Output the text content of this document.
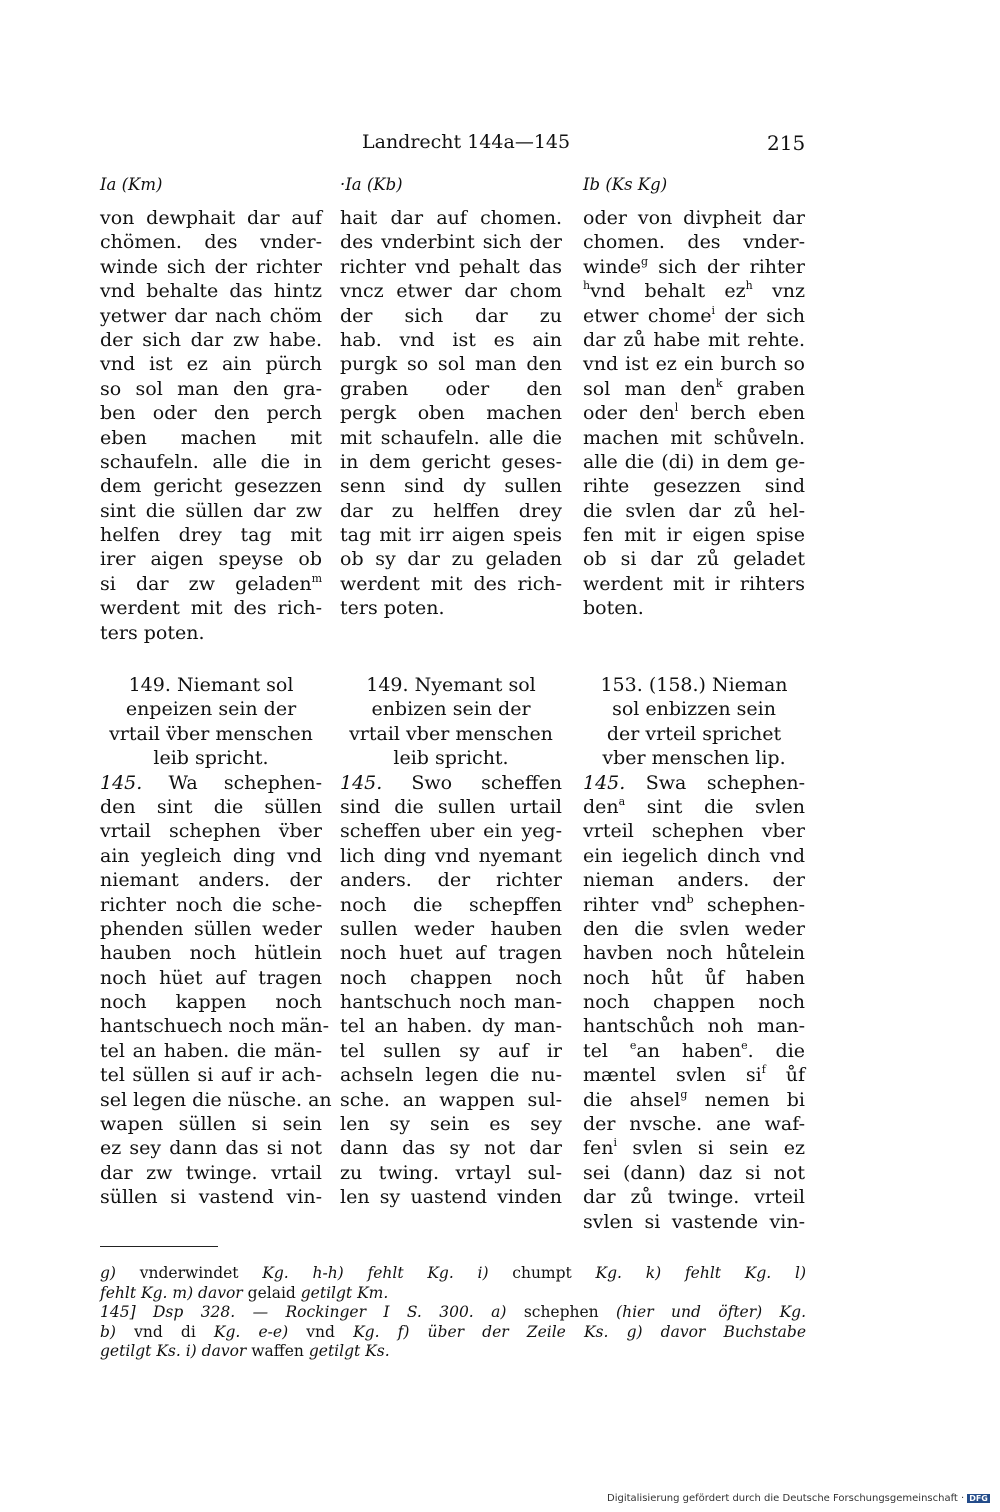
Landrecht 144a—145	215
Ia (Km)	·Ia (Kb)	Ib (Ks Kg)
von dewphait dar auf
chömen. des vnder-
winde sich der richter
vnd behalte das hintz
yetwer dar nach chöm
der sich dar zw habe.
vnd ist ez ain pürch
so sol man den gra-
ben oder den perch
eben machen mit
schaufeln. alle die in
dem gericht gesezzen
sint die süllen dar zw
helfen drey tag mit
irer aigen speyse ob
si dar zw geladen$^m$
werdent mit des rich-
ters poten.
hait dar auf chomen.
des vnderbint sich der
richter vnd pehalt das
vncz etwer dar chom
der sich dar zu
hab. vnd ist es ain
purgk so sol man den
graben oder den
pergk oben machen
mit schaufeln. alle die
in dem gericht geses-
senn sind dy sullen
dar zu helffen drey
tag mit irr aigen speis
ob sy dar zu geladen
werdent mit des rich-
ters poten.
oder von divpheit dar
chomen. des vnder-
winde$^g$ sich der rihter
$^h$vnd behalt $ez^h$ vnz
etwer chome$^i$ der sich
dar zů habe mit rehte.
vnd ist ez ein burch so
sol man den$^k$ graben
oder den$^l$ berch eben
machen mit schůveln.
alle die (di) in dem ge-
rihte gesezzen sind
die svlen dar zů hel-
fen mit ir eigen spise
ob si dar zů geladet
werdent mit ir rihters
boten.
149. Niemant sol
enpeizen sein der
vrtail v̈ber menschen
leib spricht.
145. Wa schephen-
den sint die süllen
vrtail schephen v̈ber
ain yegleich ding vnd
niemant anders. der
richter noch die sche-
phenden süllen weder
hauben noch hütlein
noch hüet auf tragen
noch kappen noch
hantschuech noch män-
tel an haben. die män-
tel süllen si auf ir ach-
sel legen die nüsche. an
wapen süllen si sein
ez sey dann das si not
dar zw twinge. vrtail
süllen si vastend vin-
149. Nyemant sol
enbizen sein der
vrtail vber menschen
leib spricht.
145. Swo scheffen
sind die sullen urtail
scheffen uber ein yeg-
lich ding vnd nyemant
anders. der richter
noch die schepffen
sullen weder hauben
noch huet auf tragen
noch chappen noch
hantschuch noch man-
tel an haben. dy man-
tel sullen sy auf ir
achseln legen die nu-
sche. an wappen sul-
len sy sein es sey
dann das sy not dar
zu twing. vrtayl sul-
len sy uastend vinden
153. (158.) Nieman
sol enbizzen sein
der vrteil sprichet
vber menschen lip.
145. Swa schephen-
den$^a$ sint die svlen
vrteil schephen vber
ein iegelich dinch vnd
nieman anders. der
rihter vnd$^b$ schephen-
den die svlen weder
havben noch hůtelein
noch hůt ůf haben
noch chappen noch
hantschůch noh man-
tel $^e$an haben$^e$. die
mæntel svlen $si^f$ ůf
die ahsel$^g$ nemen bi
der nvsche. ane waf-
fen$^i$ svlen si sein ez
sei (dann) daz si not
dar zů twinge. vrteil
svlen si vastende vin-
g) vnderwindet Kg. h-h) fehlt Kg. i) chumpt Kg. k) fehlt Kg. l)
fehlt Kg. m) davor gelaid getilgt Km.
145] Dsp 328. — Rockinger I S. 300. a) schephen (hier und öfter) Kg.
b) vnd di Kg. e-e) vnd Kg. f) über der Zeile Ks. g) davor Buchstabe
getilgt Ks. i) davor waffen getilgt Ks.
Digitalisierung gefördert durch die Deutsche Forschungsgemeinschaft · DFG
